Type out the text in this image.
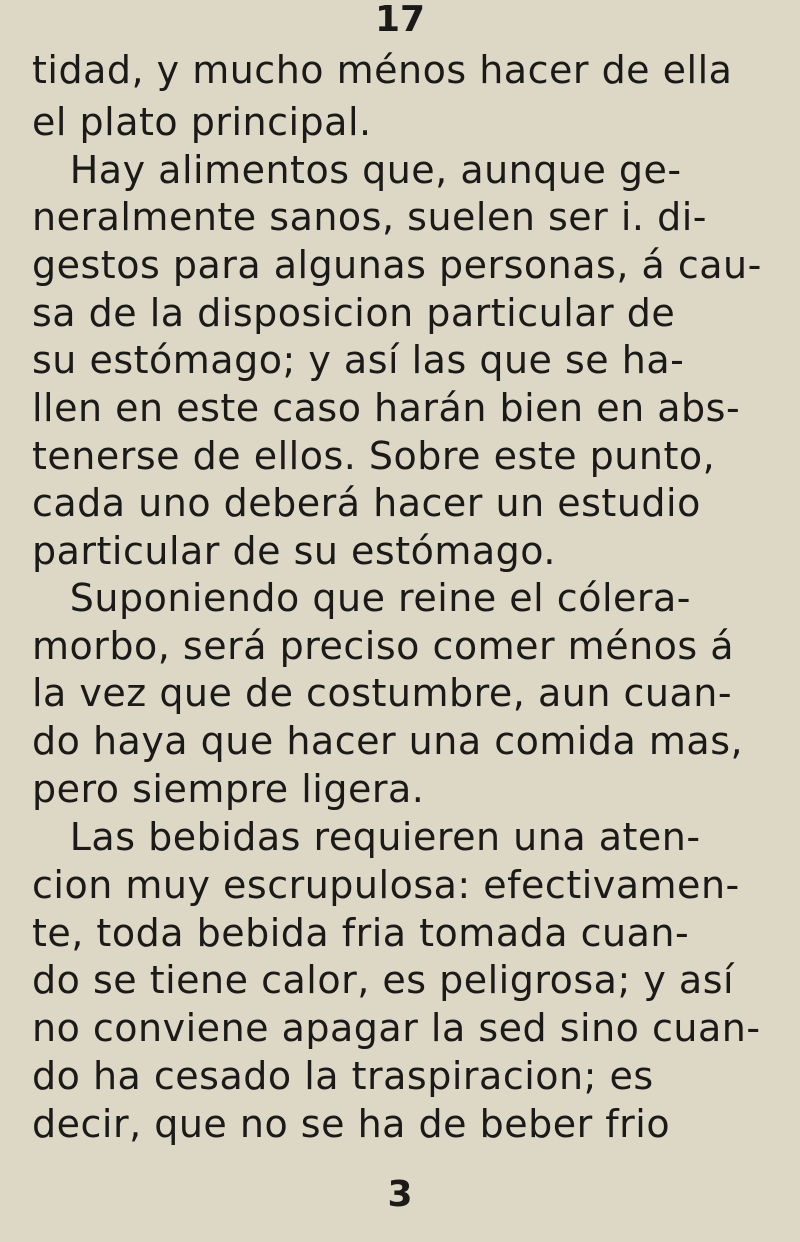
17
tidad, y mucho ménos hacer de ella
el plato principal.
Hay alimentos que, aunque ge-
neralmente sanos, suelen ser i. di-
gestos para algunas personas, á cau-
sa de la disposicion particular de
su estómago; y así las que se ha-
llen en este caso harán bien en abs-
tenerse de ellos. Sobre este punto,
cada uno deberá hacer un estudio
particular de su estómago.
Suponiendo que reine el cólera-
morbo, será preciso comer ménos á
la vez que de costumbre, aun cuan-
do haya que hacer una comida mas,
pero siempre ligera.
Las bebidas requieren una aten-
cion muy escrupulosa: efectivamen-
te, toda bebida fria tomada cuan-
do se tiene calor, es peligrosa; y así
no conviene apagar la sed sino cuan-
do ha cesado la traspiracion; es
decir, que no se ha de beber frio
3
